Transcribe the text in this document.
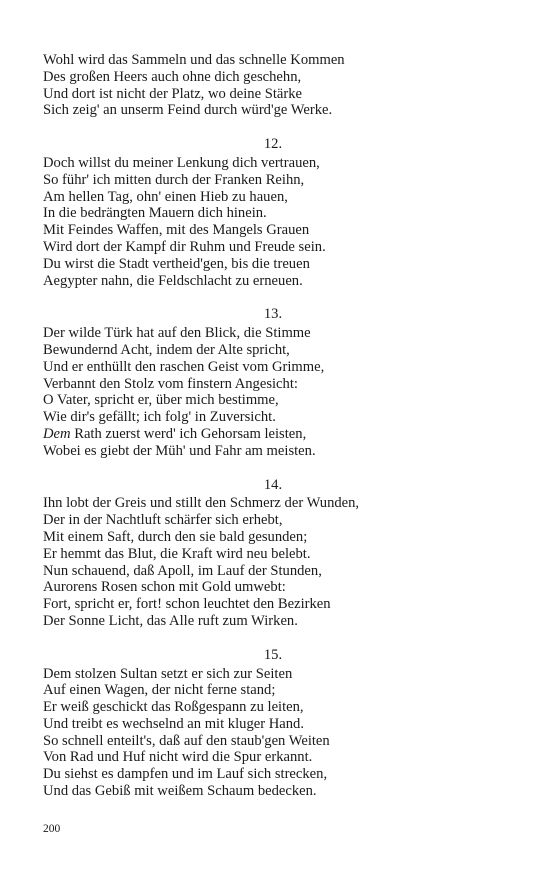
Wohl wird das Sammeln und das schnelle Kommen
Des großen Heers auch ohne dich geschehn,
Und dort ist nicht der Platz, wo deine Stärke
Sich zeig' an unserm Feind durch würd'ge Werke.
12.
Doch willst du meiner Lenkung dich vertrauen,
So führ' ich mitten durch der Franken Reihn,
Am hellen Tag, ohn' einen Hieb zu hauen,
In die bedrängten Mauern dich hinein.
Mit Feindes Waffen, mit des Mangels Grauen
Wird dort der Kampf dir Ruhm und Freude sein.
Du wirst die Stadt vertheid'gen, bis die treuen
Aegypter nahn, die Feldschlacht zu erneuen.
13.
Der wilde Türk hat auf den Blick, die Stimme
Bewundernd Acht, indem der Alte spricht,
Und er enthüllt den raschen Geist vom Grimme,
Verbannt den Stolz vom finstern Angesicht:
O Vater, spricht er, über mich bestimme,
Wie dir's gefällt; ich folg' in Zuversicht.
Dem Rath zuerst werd' ich Gehorsam leisten,
Wobei es giebt der Müh' und Fahr am meisten.
14.
Ihn lobt der Greis und stillt den Schmerz der Wunden,
Der in der Nachtluft schärfer sich erhebt,
Mit einem Saft, durch den sie bald gesunden;
Er hemmt das Blut, die Kraft wird neu belebt.
Nun schauend, daß Apoll, im Lauf der Stunden,
Aurorens Rosen schon mit Gold umwebt:
Fort, spricht er, fort! schon leuchtet den Bezirken
Der Sonne Licht, das Alle ruft zum Wirken.
15.
Dem stolzen Sultan setzt er sich zur Seiten
Auf einen Wagen, der nicht ferne stand;
Er weiß geschickt das Roßgespann zu leiten,
Und treibt es wechselnd an mit kluger Hand.
So schnell enteilt's, daß auf den staub'gen Weiten
Von Rad und Huf nicht wird die Spur erkannt.
Du siehst es dampfen und im Lauf sich strecken,
Und das Gebiß mit weißem Schaum bedecken.
200
